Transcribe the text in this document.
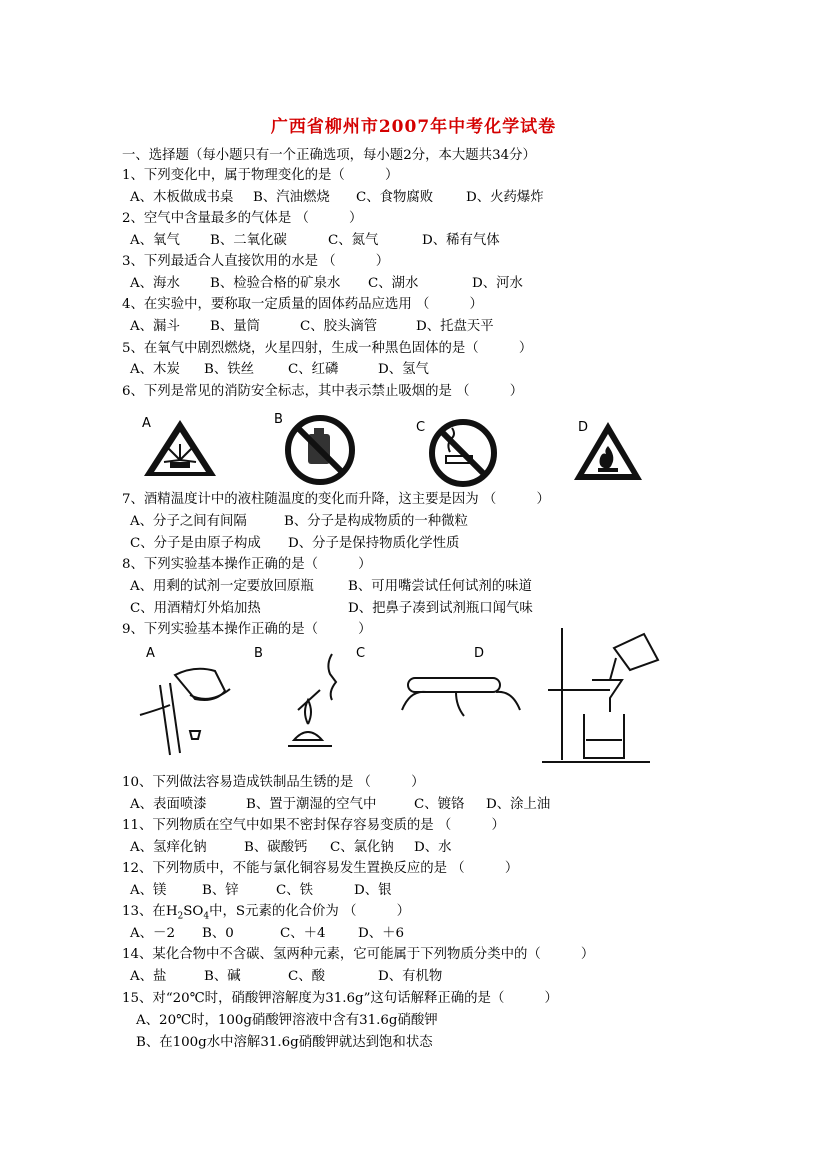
广西省柳州市2007年中考化学试卷
一、选择题（每小题只有一个正确选项，每小题2分，本大题共34分）
1、下列变化中，属于物理变化的是（　　　）

A、木板做成书桌

B、汽油燃烧

C、食物腐败

D、火药爆炸

2、空气中含量最多的气体是 （　　　）

A、氧气

B、二氧化碳

	C、氮气

	D、稀有气体

3、下列最适合人直接饮用的水是 （　　　）

A、海水

B、检验合格的矿泉水

C、湖水

	D、河水

4、在实验中，要称取一定质量的固体药品应选用 （　　　）

A、漏斗

B、量筒

	C、胶头滴管

	D、托盘天平

5、在氧气中剧烈燃烧，火星四射，生成一种黑色固体的是（　　　）

A、木炭

B、铁丝

	C、红磷

	D、氢气

6、下列是常见的消防安全标志，其中表示禁止吸烟的是 （　　　）
A	B
C	D
7、酒精温度计中的液柱随温度的变化而升降，这主要是因为 （　　　）

A、分子之间有间隔

	B、分子是构成物质的一种微粒

C、分子是由原子构成

D、分子是保持物质化学性质

8、下列实验基本操作正确的是（　　　）

A、用剩的试剂一定要放回原瓶

	B、可用嘴尝试任何试剂的味道

C、用酒精灯外焰加热

	D、把鼻子凑到试剂瓶口闻气味

9、下列实验基本操作正确的是（　　　）
A	B	C	D
10、下列做法容易造成铁制品生锈的是 （　　　）

A、表面喷漆

	B、置于潮湿的空气中

	C、镀铬

D、涂上油

11、下列物质在空气中如果不密封保存容易变质的是 （　　　）

A、氢痒化钠

	B、碳酸钙

C、氯化钠

D、水

12、下列物质中，不能与氯化铜容易发生置换反应的是 （　　　）

A、镁

	B、锌

	C、铁

	D、银

13、在$H_2SO_4$中，S元素的化合价为 （　　　）

A、－2

B、0

	C、＋4

D、＋6

14、某化合物中不含碳、氢两种元素，它可能属于下列物质分类中的（　　　）

A、盐

	B、碱

	C、酸

	D、有机物

15、对“20℃时，硝酸钾溶解度为31.6g”这句话解释正确的是（　　　）
A、20℃时，100g硝酸钾溶液中含有31.6g硝酸钾
B、在100g水中溶解31.6g硝酸钾就达到饱和状态
